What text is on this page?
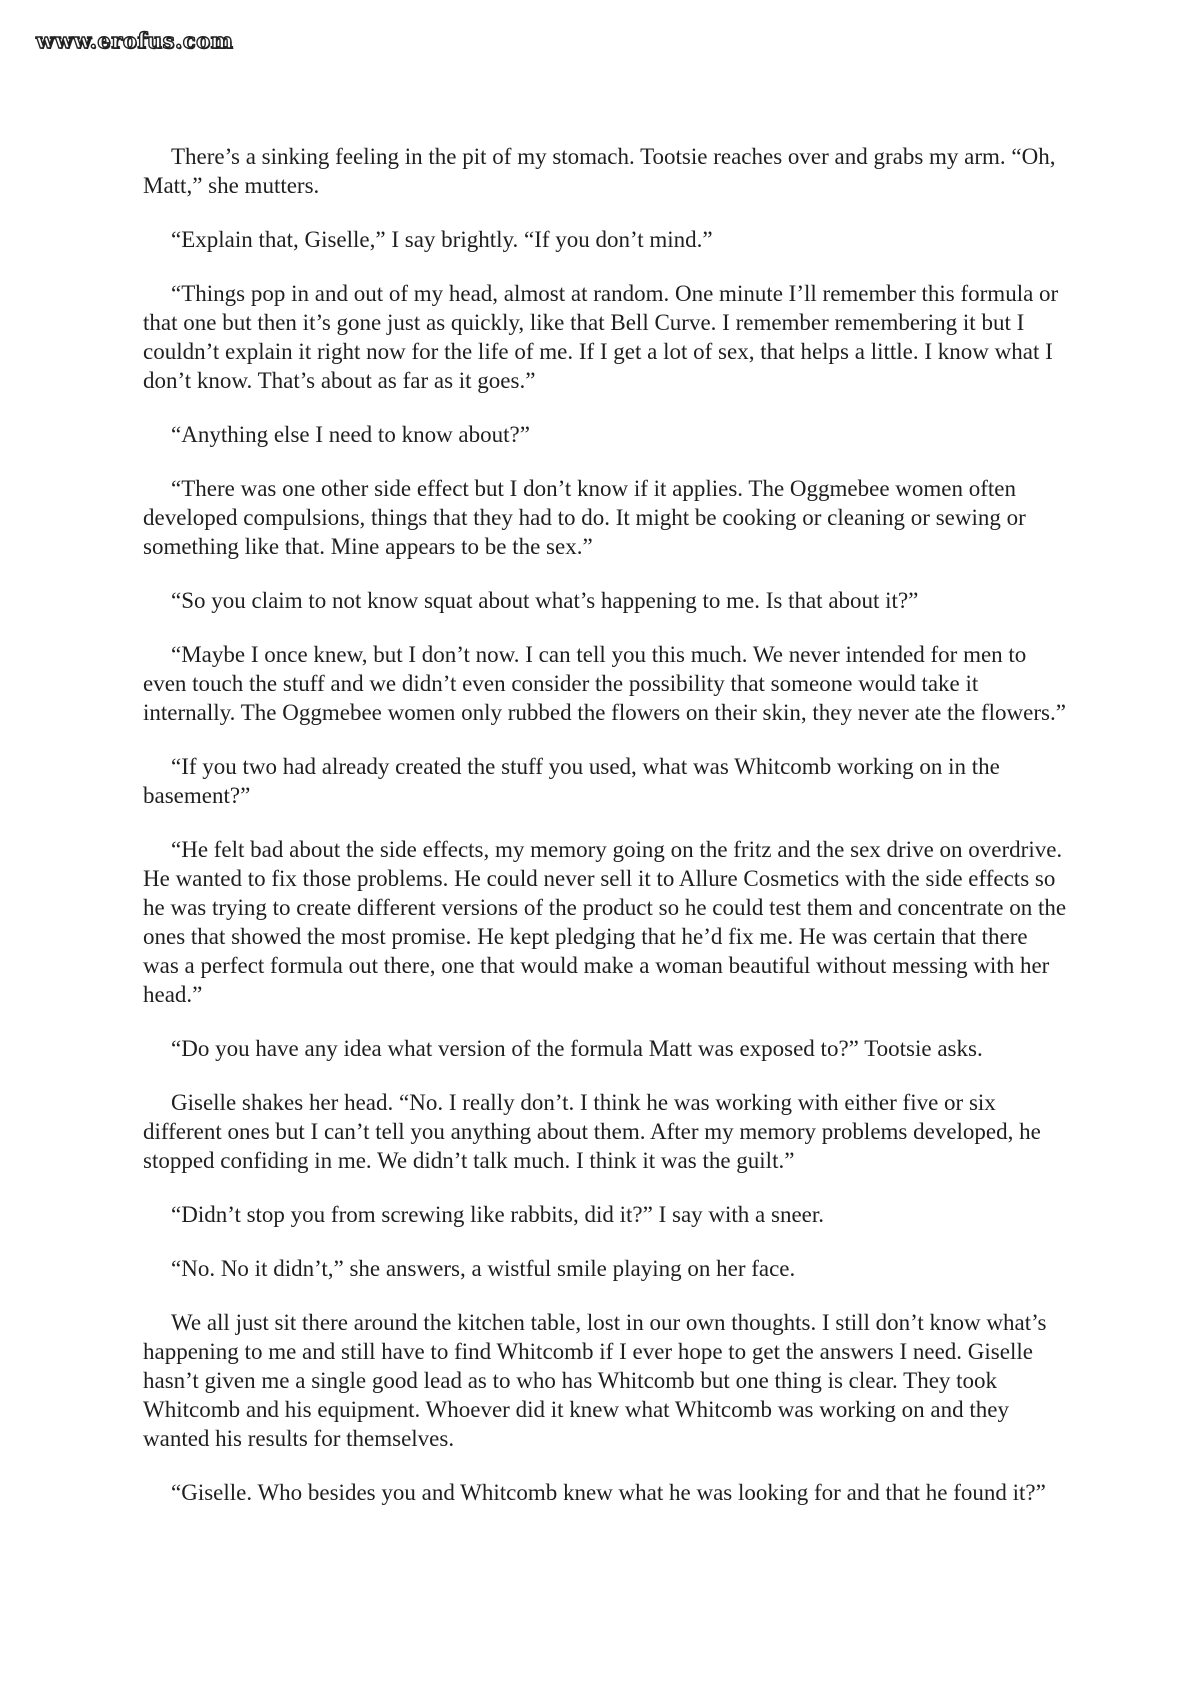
www.erofus.com

There’s a sinking feeling in the pit of my stomach. Tootsie reaches over and grabs my arm. “Oh, Matt,” she mutters.

“Explain that, Giselle,” I say brightly. “If you don’t mind.”

“Things pop in and out of my head, almost at random. One minute I’ll remember this formula or that one but then it’s gone just as quickly, like that Bell Curve. I remember remembering it but I couldn’t explain it right now for the life of me. If I get a lot of sex, that helps a little. I know what I don’t know. That’s about as far as it goes.”

“Anything else I need to know about?”

“There was one other side effect but I don’t know if it applies. The Oggmebee women often developed compulsions, things that they had to do. It might be cooking or cleaning or sewing or something like that. Mine appears to be the sex.”

“So you claim to not know squat about what’s happening to me. Is that about it?”

“Maybe I once knew, but I don’t now. I can tell you this much. We never intended for men to even touch the stuff and we didn’t even consider the possibility that someone would take it internally. The Oggmebee women only rubbed the flowers on their skin, they never ate the flowers.”

“If you two had already created the stuff you used, what was Whitcomb working on in the basement?”

“He felt bad about the side effects, my memory going on the fritz and the sex drive on overdrive. He wanted to fix those problems. He could never sell it to Allure Cosmetics with the side effects so he was trying to create different versions of the product so he could test them and concentrate on the ones that showed the most promise. He kept pledging that he’d fix me. He was certain that there was a perfect formula out there, one that would make a woman beautiful without messing with her head.”

“Do you have any idea what version of the formula Matt was exposed to?” Tootsie asks.

Giselle shakes her head. “No. I really don’t. I think he was working with either five or six different ones but I can’t tell you anything about them. After my memory problems developed, he stopped confiding in me. We didn’t talk much. I think it was the guilt.”

“Didn’t stop you from screwing like rabbits, did it?” I say with a sneer.

“No. No it didn’t,” she answers, a wistful smile playing on her face.

We all just sit there around the kitchen table, lost in our own thoughts. I still don’t know what’s happening to me and still have to find Whitcomb if I ever hope to get the answers I need. Giselle hasn’t given me a single good lead as to who has Whitcomb but one thing is clear. They took Whitcomb and his equipment. Whoever did it knew what Whitcomb was working on and they wanted his results for themselves.

“Giselle. Who besides you and Whitcomb knew what he was looking for and that he found it?”
